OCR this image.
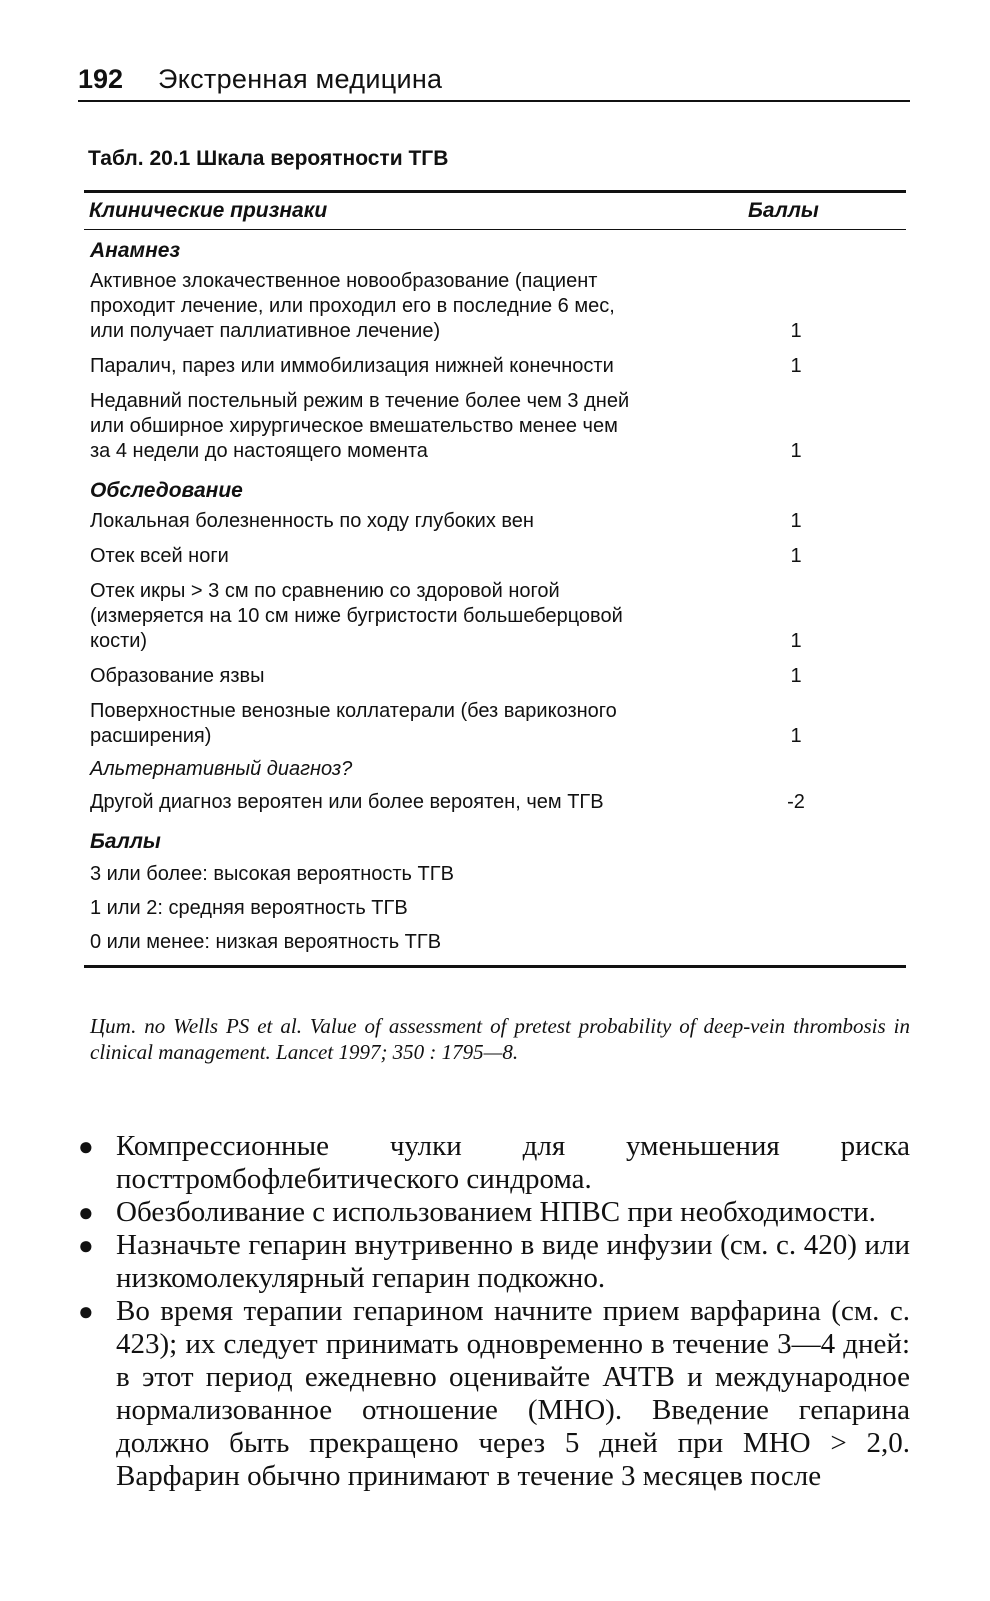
192 Экстренная медицина
Табл. 20.1 Шкала вероятности ТГВ
Клинические признаки	Баллы
Анамнез
Активное злокачественное новообразование (пациент
проходит лечение, или проходил его в последние 6 мес,
или получает паллиативное лечение)	1
Паралич, парез или иммобилизация нижней конечности	1
Недавний постельный режим в течение более чем 3 дней
или обширное хирургическое вмешательство менее чем
за 4 недели до настоящего момента	1
Обследование
Локальная болезненность по ходу глубоких вен	1
Отек всей ноги	1
Отек икры > 3 см по сравнению со здоровой ногой
(измеряется на 10 см ниже бугристости большеберцовой
кости)	1
Образование язвы	1
Поверхностные венозные коллатерали (без варикозного
расширения)	1
Альтернативный диагноз?
Другой диагноз вероятен или более вероятен, чем ТГВ	-2
Баллы
3 или более: высокая вероятность ТГВ
1 или 2: средняя вероятность ТГВ
0 или менее: низкая вероятность ТГВ
Цит. по Wells PS et al. Value of assessment of pretest probability of deep-vein thrombosis in clinical management. Lancet 1997; 350 : 1795—8.
● Компрессионные чулки для уменьшения риска посттромбофлебитического синдрома.
● Обезболивание с использованием НПВС при необходимости.
● Назначьте гепарин внутривенно в виде инфузии (см. с. 420) или низкомолекулярный гепарин подкожно.
● Во время терапии гепарином начните прием варфарина (см. с. 423); их следует принимать одновременно в течение 3—4 дней: в этот период ежедневно оценивайте АЧТВ и международное нормализованное отношение (МНО). Введение гепарина должно быть прекращено через 5 дней при МНО > 2,0. Варфарин обычно принимают в течение 3 месяцев после
